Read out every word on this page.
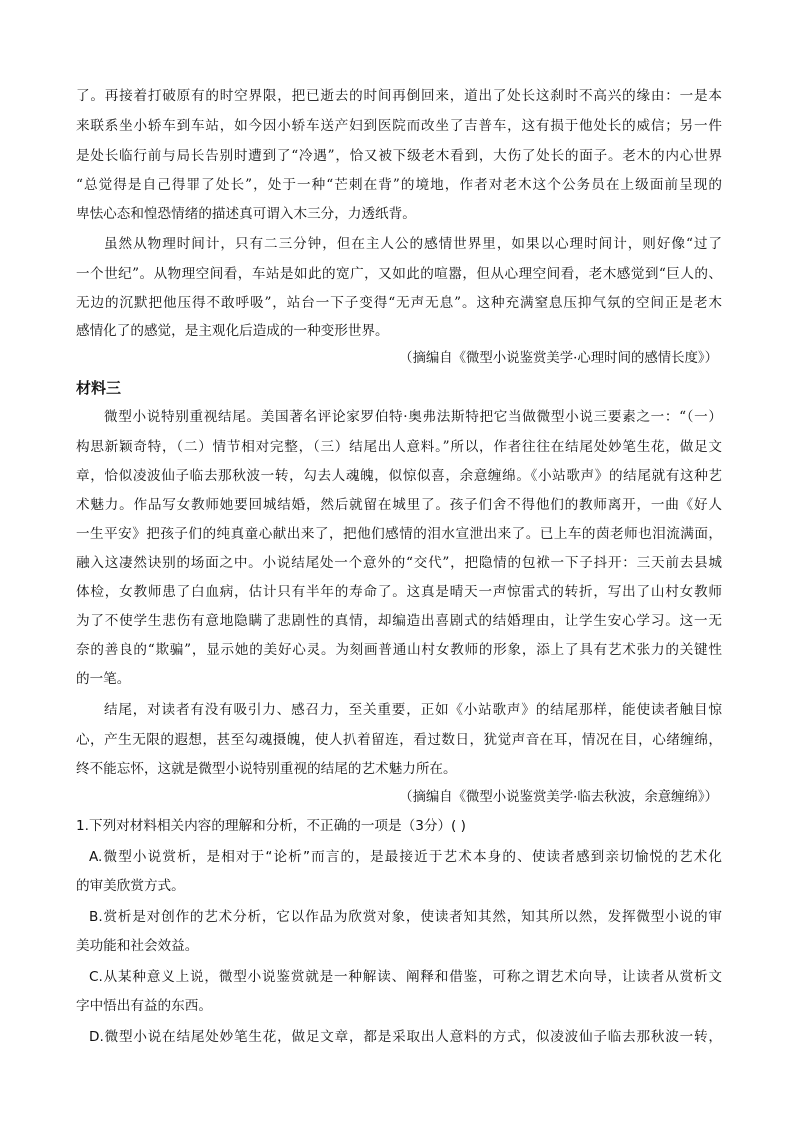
了。再接着打破原有的时空界限，把已逝去的时间再倒回来，道出了处长这刹时不高兴的缘由：一是本
来联系坐小轿车到车站，如今因小轿车送产妇到医院而改坐了吉普车，这有损于他处长的威信；另一件
是处长临行前与局长告别时遭到了“冷遇”，恰又被下级老木看到，大伤了处长的面子。老木的内心世界
“总觉得是自己得罪了处长”，处于一种“芒刺在背”的境地，作者对老木这个公务员在上级面前呈现的
卑怯心态和惶恐情绪的描述真可谓入木三分，力透纸背。
虽然从物理时间计，只有二三分钟，但在主人公的感情世界里，如果以心理时间计，则好像“过了
一个世纪”。从物理空间看，车站是如此的宽广，又如此的喧嚣，但从心理空间看，老木感觉到“巨人的、
无边的沉默把他压得不敢呼吸”，站台一下子变得“无声无息”。这种充满窒息压抑气氛的空间正是老木
感情化了的感觉，是主观化后造成的一种变形世界。
（摘编自《微型小说鉴赏美学·心理时间的感情长度》）
材料三
微型小说特别重视结尾。美国著名评论家罗伯特·奥弗法斯特把它当做微型小说三要素之一：“（一）
构思新颖奇特，（二）情节相对完整，（三）结尾出人意料。”所以，作者往往在结尾处妙笔生花，做足文
章，恰似凌波仙子临去那秋波一转，勾去人魂魄，似惊似喜，余意缠绵。《小站歌声》的结尾就有这种艺
术魅力。作品写女教师她要回城结婚，然后就留在城里了。孩子们舍不得他们的教师离开，一曲《好人
一生平安》把孩子们的纯真童心献出来了，把他们感情的泪水宣泄出来了。已上车的茵老师也泪流满面，
融入这凄然诀别的场面之中。小说结尾处一个意外的“交代”，把隐情的包袱一下子抖开：三天前去县城
体检，女教师患了白血病，估计只有半年的寿命了。这真是晴天一声惊雷式的转折，写出了山村女教师
为了不使学生悲伤有意地隐瞒了悲剧性的真情，却编造出喜剧式的结婚理由，让学生安心学习。这一无
奈的善良的“欺骗”，显示她的美好心灵。为刻画普通山村女教师的形象，添上了具有艺术张力的关键性
的一笔。
结尾，对读者有没有吸引力、感召力，至关重要，正如《小站歌声》的结尾那样，能使读者触目惊
心，产生无限的遐想，甚至勾魂摄魄，使人扒着留连，看过数日，犹觉声音在耳，情况在目，心绪缠绵，
终不能忘怀，这就是微型小说特别重视的结尾的艺术魅力所在。
（摘编自《微型小说鉴赏美学·临去秋波，余意缠绵》）
1.下列对材料相关内容的理解和分析，不正确的一项是（3分）( )
A.微型小说赏析，是相对于“论析”而言的，是最接近于艺术本身的、使读者感到亲切愉悦的艺术化
的审美欣赏方式。
B.赏析是对创作的艺术分析，它以作品为欣赏对象，使读者知其然，知其所以然，发挥微型小说的审
美功能和社会效益。
C.从某种意义上说，微型小说鉴赏就是一种解读、阐释和借鉴，可称之谓艺术向导，让读者从赏析文
字中悟出有益的东西。
D.微型小说在结尾处妙笔生花，做足文章，都是采取出人意料的方式，似凌波仙子临去那秋波一转，
